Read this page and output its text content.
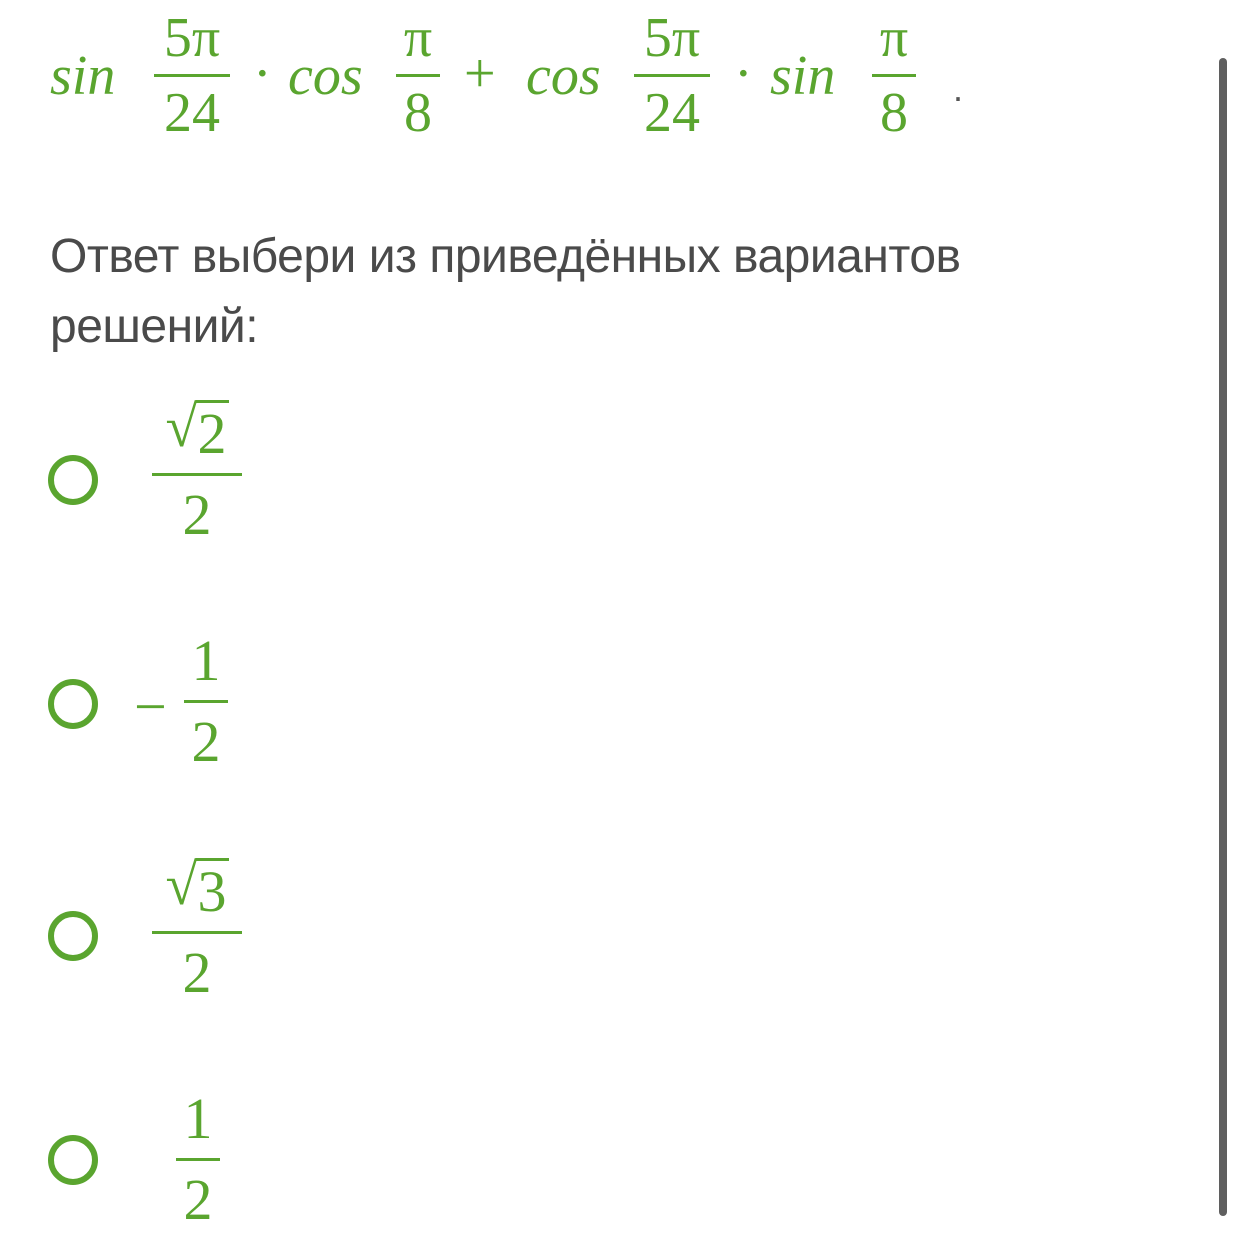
sin
5π
24
· cos
π
8
+ cos
5π
24
· sin
π
8 .
Ответ выбери из приведённых вариантов решений:
√ 2
2
−
1
2
√ 3
2
1
2
